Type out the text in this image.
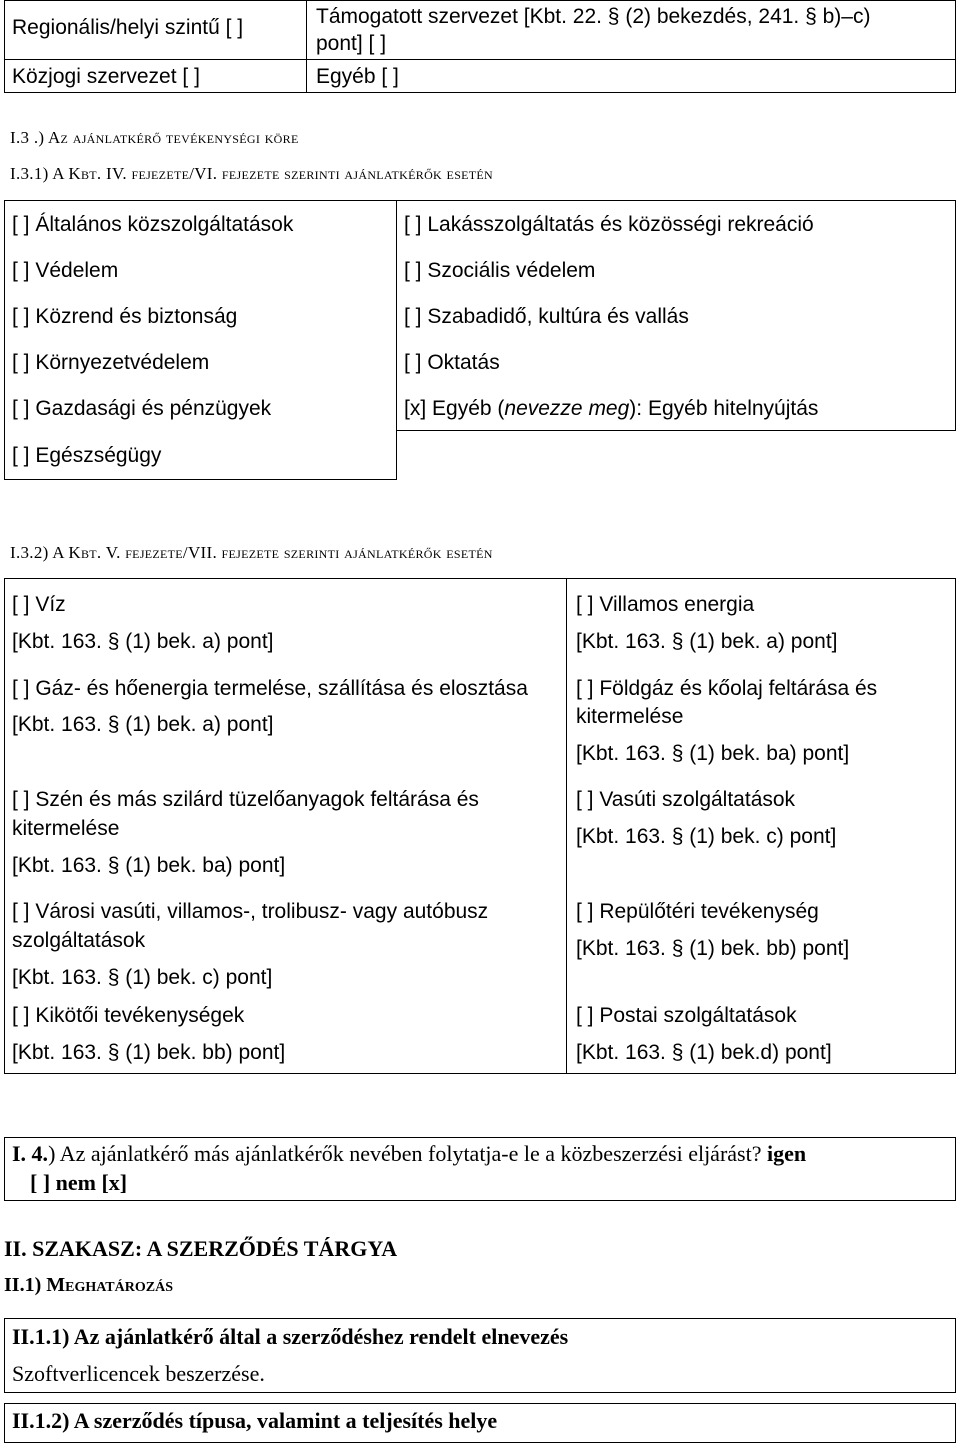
Regionális/helyi szintű [ ]	Támogatott szervezet [Kbt. 22. § (2) bekezdés, 241. § b)–c)
pont] [ ]
Közjogi szervezet [ ]	Egyéb [ ]
I.3 .) Az ajánlatkérő tevékenységi köre
I.3.1) A Kbt. IV. fejezete/VI. fejezete szerinti ajánlatkérők esetén
[ ] Általános közszolgáltatások
[ ] Védelem
[ ] Közrend és biztonság
[ ] Környezetvédelem
[ ] Gazdasági és pénzügyek
[ ] Egészségügy
[ ] Lakásszolgáltatás és közösségi rekreáció
[ ] Szociális védelem
[ ] Szabadidő, kultúra és vallás
[ ] Oktatás
[x] Egyéb (nevezze meg): Egyéb hitelnyújtás
I.3.2) A Kbt. V. fejezete/VII. fejezete szerinti ajánlatkérők esetén
[ ] Víz
[Kbt. 163. § (1) bek. a) pont]
[ ] Gáz- és hőenergia termelése, szállítása és elosztása
[Kbt. 163. § (1) bek. a) pont]
[ ] Szén és más szilárd tüzelőanyagok feltárása és
kitermelése
[Kbt. 163. § (1) bek. ba) pont]
[ ] Városi vasúti, villamos-, trolibusz- vagy autóbusz
szolgáltatások
[Kbt. 163. § (1) bek. c) pont]
[ ] Kikötői tevékenységek
[Kbt. 163. § (1) bek. bb) pont]
[ ] Villamos energia
[Kbt. 163. § (1) bek. a) pont]
[ ] Földgáz és kőolaj feltárása és
kitermelése
[Kbt. 163. § (1) bek. ba) pont]
[ ] Vasúti szolgáltatások
[Kbt. 163. § (1) bek. c) pont]
[ ] Repülőtéri tevékenység
[Kbt. 163. § (1) bek. bb) pont]
[ ] Postai szolgáltatások
[Kbt. 163. § (1) bek.d) pont]
I. 4.) Az ajánlatkérő más ajánlatkérők nevében folytatja-e le a közbeszerzési eljárást? igen
[ ] nem [x]
II. SZAKASZ: A SZERZŐDÉS TÁRGYA
II.1) Meghatározás
II.1.1) Az ajánlatkérő által a szerződéshez rendelt elnevezés
Szoftverlicencek beszerzése.
II.1.2) A szerződés típusa, valamint a teljesítés helye
